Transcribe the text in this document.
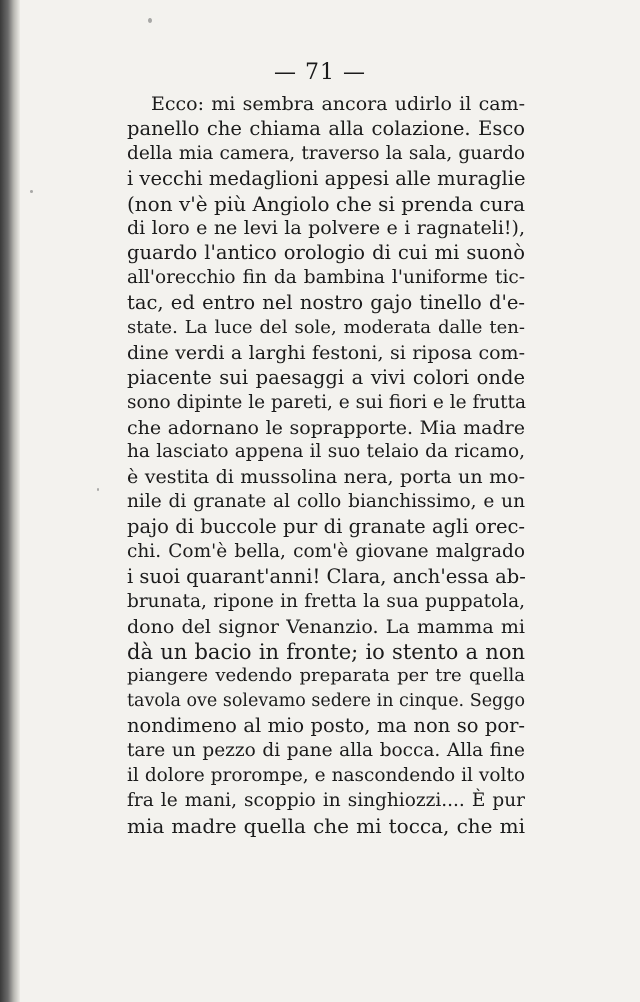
— 71 —
Ecco: mi sembra ancora udirlo il cam-
panello che chiama alla colazione. Esco
della mia camera, traverso la sala, guardo
i vecchi medaglioni appesi alle muraglie
(non v'è più Angiolo che si prenda cura
di loro e ne levi la polvere e i ragnateli!),
guardo l'antico orologio di cui mi suonò
all'orecchio fin da bambina l'uniforme tic-
tac, ed entro nel nostro gajo tinello d'e-
state. La luce del sole, moderata dalle ten-
dine verdi a larghi festoni, si riposa com-
piacente sui paesaggi a vivi colori onde
sono dipinte le pareti, e sui fiori e le frutta
che adornano le soprapporte. Mia madre
ha lasciato appena il suo telaio da ricamo,
è vestita di mussolina nera, porta un mo-
nile di granate al collo bianchissimo, e un
pajo di buccole pur di granate agli orec-
chi. Com'è bella, com'è giovane malgrado
i suoi quarant'anni! Clara, anch'essa ab-
brunata, ripone in fretta la sua puppatola,
dono del signor Venanzio. La mamma mi
dà un bacio in fronte; io stento a non
piangere vedendo preparata per tre quella
tavola ove solevamo sedere in cinque. Seggo
nondimeno al mio posto, ma non so por-
tare un pezzo di pane alla bocca. Alla fine
il dolore prorompe, e nascondendo il volto
fra le mani, scoppio in singhiozzi.... È pur
mia madre quella che mi tocca, che mi
